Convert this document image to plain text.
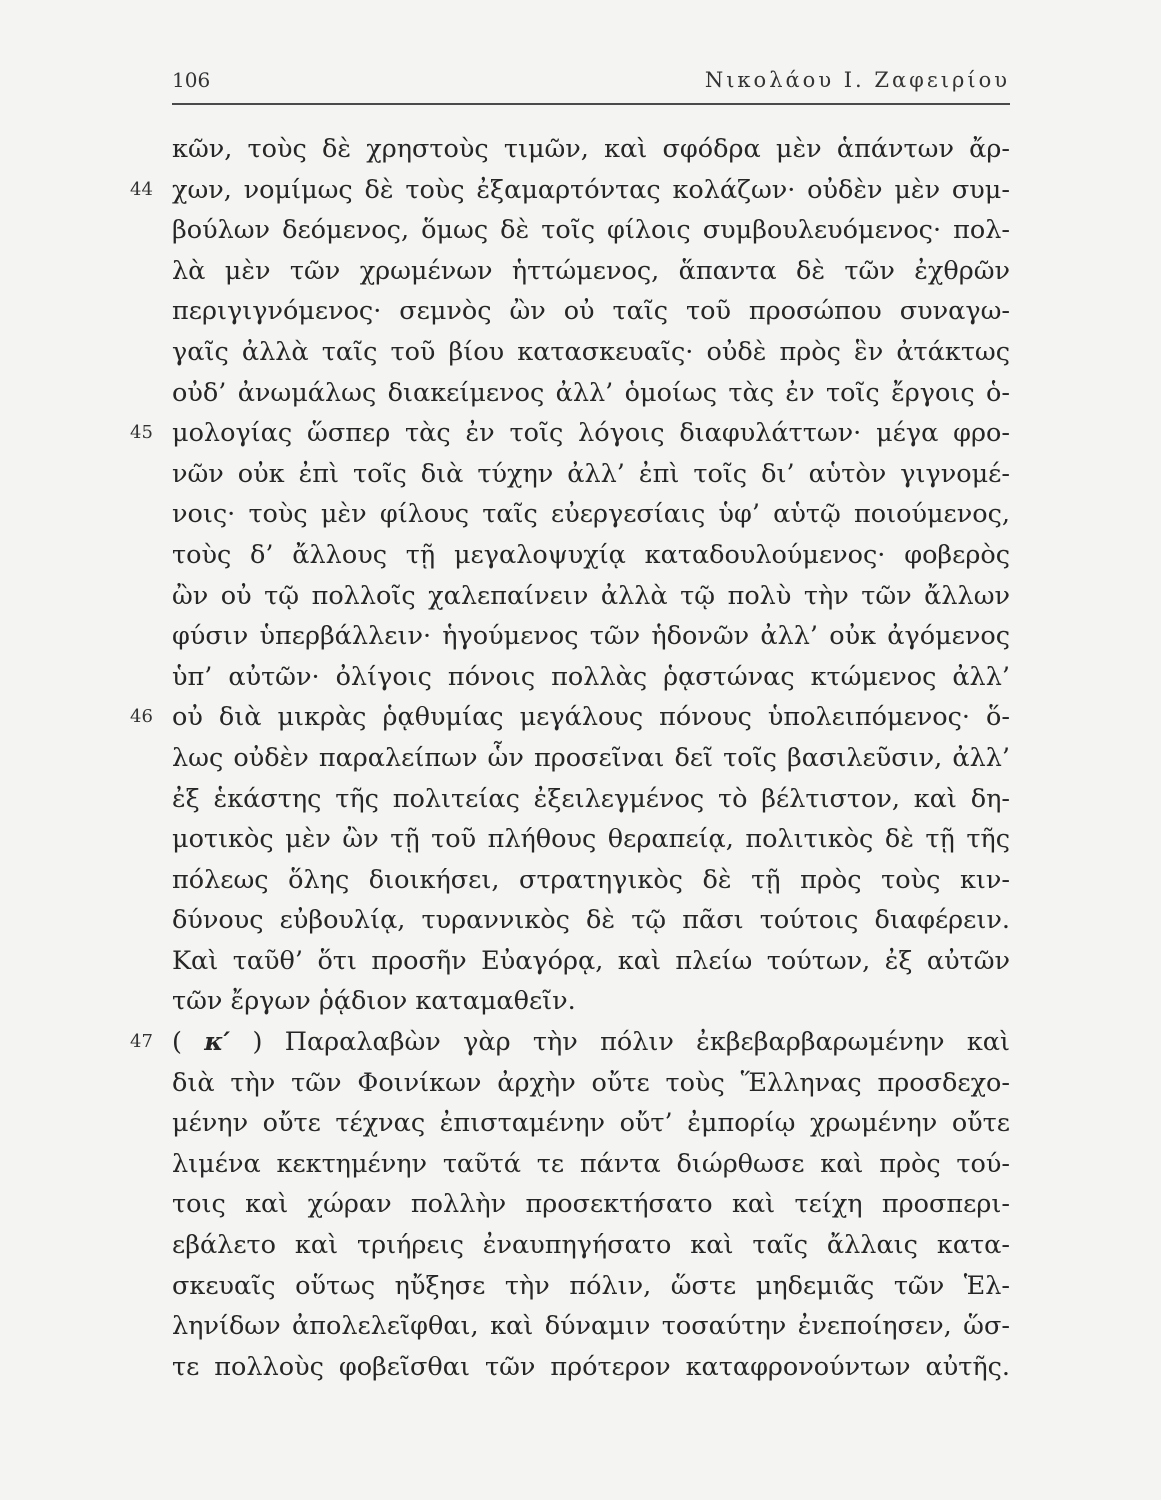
106	Νικολάου Ι. Ζαφειρίου
κῶν, τοὺς δὲ χρηστοὺς τιμῶν, καὶ σφόδρα μὲν ἁπάντων ἄρ-
44 χων, νομίμως δὲ τοὺς ἐξαμαρτόντας κολάζων· οὐδὲν μὲν συμ-
βούλων δεόμενος, ὅμως δὲ τοῖς φίλοις συμβουλευόμενος· πολ-
λὰ μὲν τῶν χρωμένων ἡττώμενος, ἅπαντα δὲ τῶν ἐχθρῶν
περιγιγνόμενος· σεμνὸς ὢν οὐ ταῖς τοῦ προσώπου συναγω-
γαῖς ἀλλὰ ταῖς τοῦ βίου κατασκευαῖς· οὐδὲ πρὸς ἓν ἀτάκτως
οὐδ’ ἀνωμάλως διακείμενος ἀλλ’ ὁμοίως τὰς ἐν τοῖς ἔργοις ὁ-
45 μολογίας ὥσπερ τὰς ἐν τοῖς λόγοις διαφυλάττων· μέγα φρο-
νῶν οὐκ ἐπὶ τοῖς διὰ τύχην ἀλλ’ ἐπὶ τοῖς δι’ αὑτὸν γιγνομέ-
νοις· τοὺς μὲν φίλους ταῖς εὐεργεσίαις ὑφ’ αὑτῷ ποιούμενος,
τοὺς δ’ ἄλλους τῇ μεγαλοψυχίᾳ καταδουλούμενος· φοβερὸς
ὢν οὐ τῷ πολλοῖς χαλεπαίνειν ἀλλὰ τῷ πολὺ τὴν τῶν ἄλλων
φύσιν ὑπερβάλλειν· ἡγούμενος τῶν ἡδονῶν ἀλλ’ οὐκ ἀγόμενος
ὑπ’ αὐτῶν· ὀλίγοις πόνοις πολλὰς ῥᾳστώνας κτώμενος ἀλλ’
46 οὐ διὰ μικρὰς ῥᾳθυμίας μεγάλους πόνους ὑπολειπόμενος· ὅ-
λως οὐδὲν παραλείπων ὧν προσεῖναι δεῖ τοῖς βασιλεῦσιν, ἀλλ’
ἐξ ἑκάστης τῆς πολιτείας ἐξειλεγμένος τὸ βέλτιστον, καὶ δη-
μοτικὸς μὲν ὢν τῇ τοῦ πλήθους θεραπείᾳ, πολιτικὸς δὲ τῇ τῆς
πόλεως ὅλης διοικήσει, στρατηγικὸς δὲ τῇ πρὸς τοὺς κιν-
δύνους εὐβουλίᾳ, τυραννικὸς δὲ τῷ πᾶσι τούτοις διαφέρειν.
Καὶ ταῦθ’ ὅτι προσῆν Εὐαγόρᾳ, καὶ πλείω τούτων, ἐξ αὐτῶν
τῶν ἔργων ῥᾴδιον καταμαθεῖν.
47 ( κ′ ) Παραλαβὼν γὰρ τὴν πόλιν ἐκβεβαρβαρωμένην καὶ
διὰ τὴν τῶν Φοινίκων ἀρχὴν οὔτε τοὺς Ἕλληνας προσδεχο-
μένην οὔτε τέχνας ἐπισταμένην οὔτ’ ἐμπορίῳ χρωμένην οὔτε
λιμένα κεκτημένην ταῦτά τε πάντα διώρθωσε καὶ πρὸς τού-
τοις καὶ χώραν πολλὴν προσεκτήσατο καὶ τείχη προσπερι-
εβάλετο καὶ τριήρεις ἐναυπηγήσατο καὶ ταῖς ἄλλαις κατα-
σκευαῖς οὕτως ηὔξησε τὴν πόλιν, ὥστε μηδεμιᾶς τῶν Ἑλ-
ληνίδων ἀπολελεῖφθαι, καὶ δύναμιν τοσαύτην ἐνεποίησεν, ὥσ-
τε πολλοὺς φοβεῖσθαι τῶν πρότερον καταφρονούντων αὐτῆς.
